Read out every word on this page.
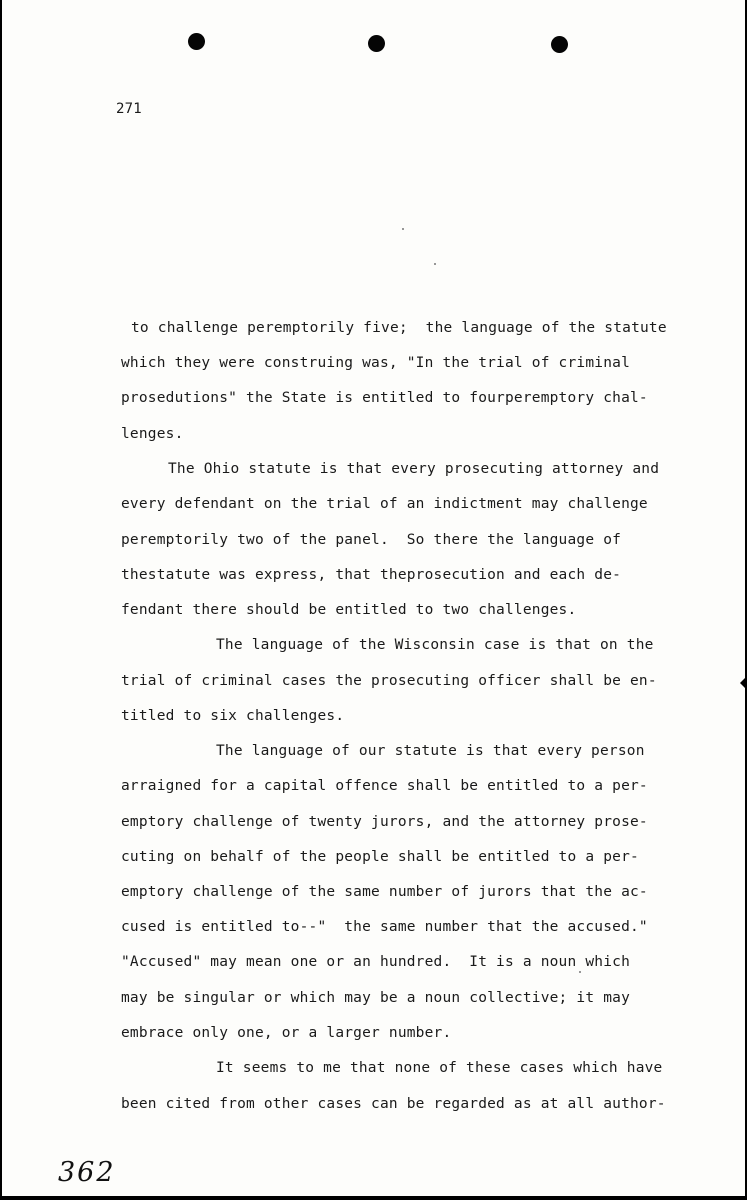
271
to challenge peremptorily five;  the language of the statute
which they were construing was, "In the trial of criminal
prosedutions" the State is entitled to fourperemptory chal-
lenges.
The Ohio statute is that every prosecuting attorney and
every defendant on the trial of an indictment may challenge
peremptorily two of the panel.  So there the language of
thestatute was express, that theprosecution and each de-
fendant there should be entitled to two challenges.
The language of the Wisconsin case is that on the
trial of criminal cases the prosecuting officer shall be en-
titled to six challenges.
The language of our statute is that every person
arraigned for a capital offence shall be entitled to a per-
emptory challenge of twenty jurors, and the attorney prose-
cuting on behalf of the people shall be entitled to a per-
emptory challenge of the same number of jurors that the ac-
cused is entitled to--"  the same number that the accused."
"Accused" may mean one or an hundred.  It is a noun which
may be singular or which may be a noun collective; it may
embrace only one, or a larger number.
It seems to me that none of these cases which have
been cited from other cases can be regarded as at all author-
362
